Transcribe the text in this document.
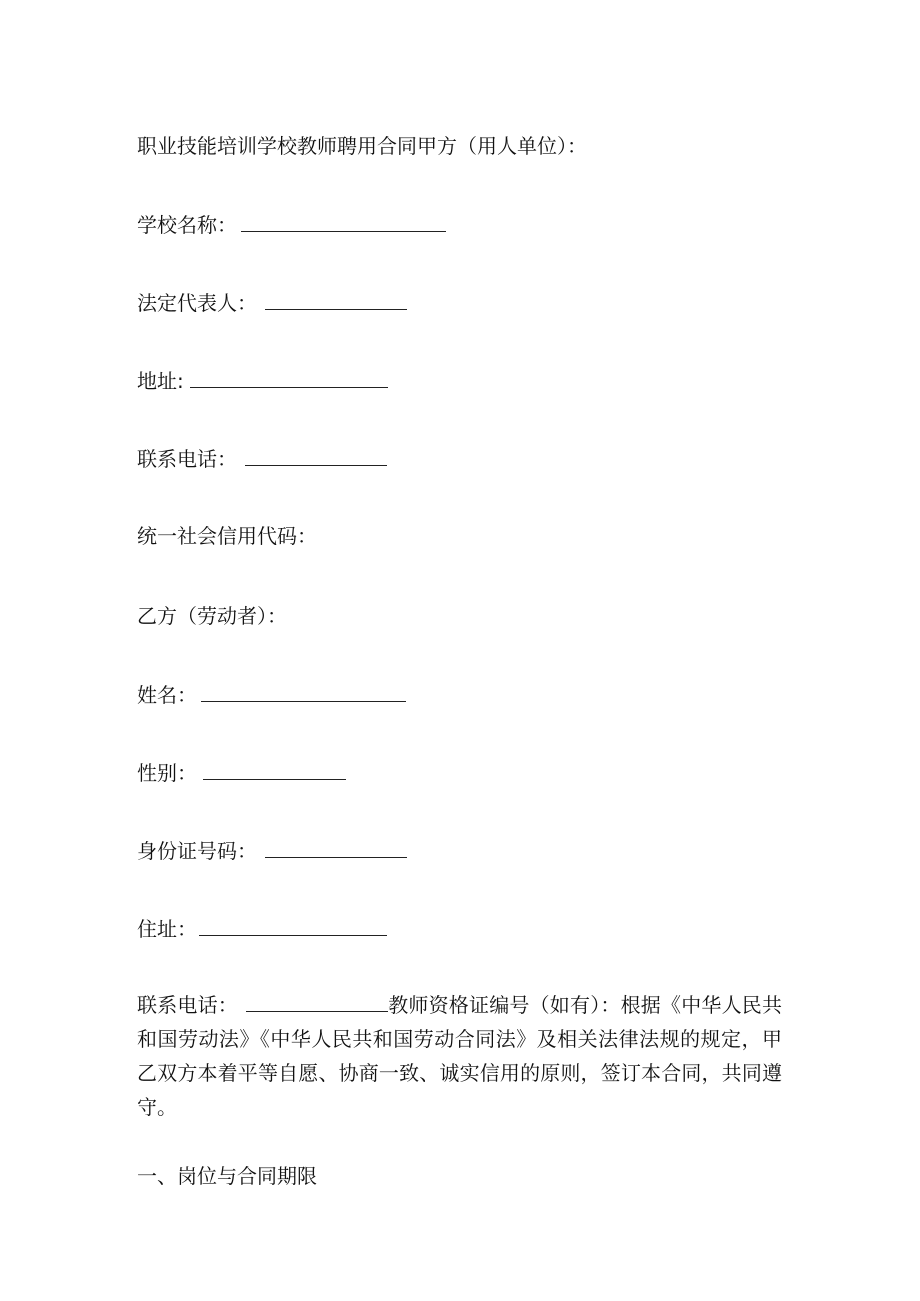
职业技能培训学校教师聘用合同甲方（用人单位）：
学校名称：
法定代表人：
地址:
联系电话：
统一社会信用代码：
乙方（劳动者）：
姓名：
性别：
身份证号码：
住址：
联系电话：	教师资格证编号（如有）：根据《中华人民共和国劳动法》《中华人民共和国劳动合同法》及相关法律法规的规定，甲乙双方本着平等自愿、协商一致、诚实信用的原则，签订本合同，共同遵守。
一、岗位与合同期限
